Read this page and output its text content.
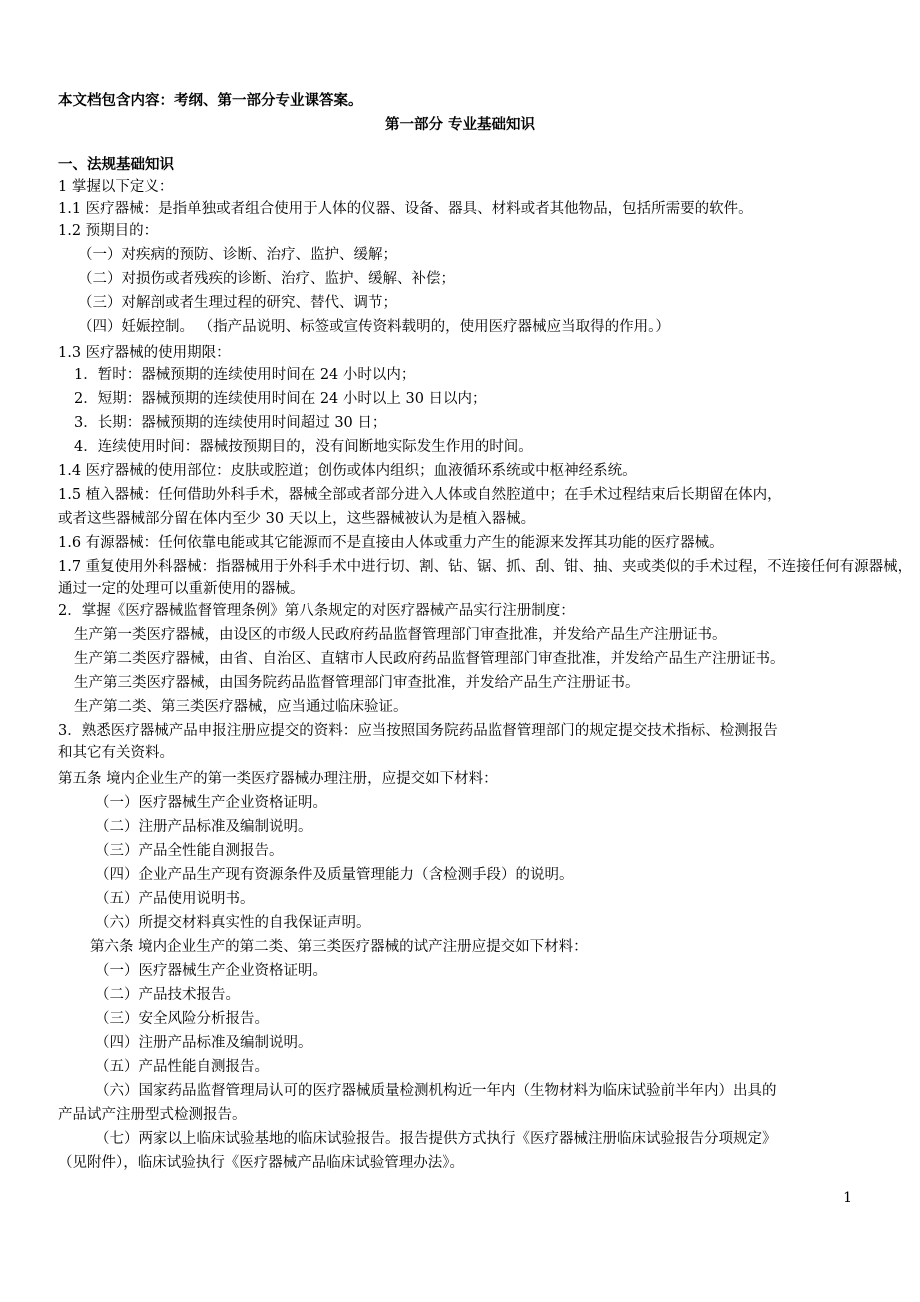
本文档包含内容：考纲、第一部分专业课答案。
第一部分 专业基础知识
一、法规基础知识
1 掌握以下定义：
1.1 医疗器械：是指单独或者组合使用于人体的仪器、设备、器具、材料或者其他物品，包括所需要的软件。
1.2 预期目的：
（一）对疾病的预防、诊断、治疗、监护、缓解；
（二）对损伤或者残疾的诊断、治疗、监护、缓解、补偿；
（三）对解剖或者生理过程的研究、替代、调节；
（四）妊娠控制。 （指产品说明、标签或宣传资料载明的，使用医疗器械应当取得的作用。）
1.3 医疗器械的使用期限：
1．暂时：器械预期的连续使用时间在 24 小时以内；
2．短期：器械预期的连续使用时间在 24 小时以上 30 日以内；
3．长期：器械预期的连续使用时间超过 30 日；
4．连续使用时间：器械按预期目的，没有间断地实际发生作用的时间。
1.4 医疗器械的使用部位：皮肤或腔道；创伤或体内组织；血液循环系统或中枢神经系统。
1.5 植入器械：任何借助外科手术，器械全部或者部分进入人体或自然腔道中；在手术过程结束后长期留在体内，
或者这些器械部分留在体内至少 30 天以上，这些器械被认为是植入器械。
1.6 有源器械：任何依靠电能或其它能源而不是直接由人体或重力产生的能源来发挥其功能的医疗器械。
1.7 重复使用外科器械：指器械用于外科手术中进行切、割、钻、锯、抓、刮、钳、抽、夹或类似的手术过程，不连接任何有源器械，
通过一定的处理可以重新使用的器械。
2．掌握《医疗器械监督管理条例》第八条规定的对医疗器械产品实行注册制度：
生产第一类医疗器械，由设区的市级人民政府药品监督管理部门审查批准，并发给产品生产注册证书。
生产第二类医疗器械，由省、自治区、直辖市人民政府药品监督管理部门审查批准，并发给产品生产注册证书。
生产第三类医疗器械，由国务院药品监督管理部门审查批准，并发给产品生产注册证书。
生产第二类、第三类医疗器械，应当通过临床验证。
3．熟悉医疗器械产品申报注册应提交的资料：应当按照国务院药品监督管理部门的规定提交技术指标、检测报告
和其它有关资料。
第五条 境内企业生产的第一类医疗器械办理注册，应提交如下材料：
（一）医疗器械生产企业资格证明。
（二）注册产品标准及编制说明。
（三）产品全性能自测报告。
（四）企业产品生产现有资源条件及质量管理能力（含检测手段）的说明。
（五）产品使用说明书。
（六）所提交材料真实性的自我保证声明。
第六条 境内企业生产的第二类、第三类医疗器械的试产注册应提交如下材料：
（一）医疗器械生产企业资格证明。
（二）产品技术报告。
（三）安全风险分析报告。
（四）注册产品标准及编制说明。
（五）产品性能自测报告。
（六）国家药品监督管理局认可的医疗器械质量检测机构近一年内（生物材料为临床试验前半年内）出具的
产品试产注册型式检测报告。
（七）两家以上临床试验基地的临床试验报告。报告提供方式执行《医疗器械注册临床试验报告分项规定》
（见附件），临床试验执行《医疗器械产品临床试验管理办法》。
1
